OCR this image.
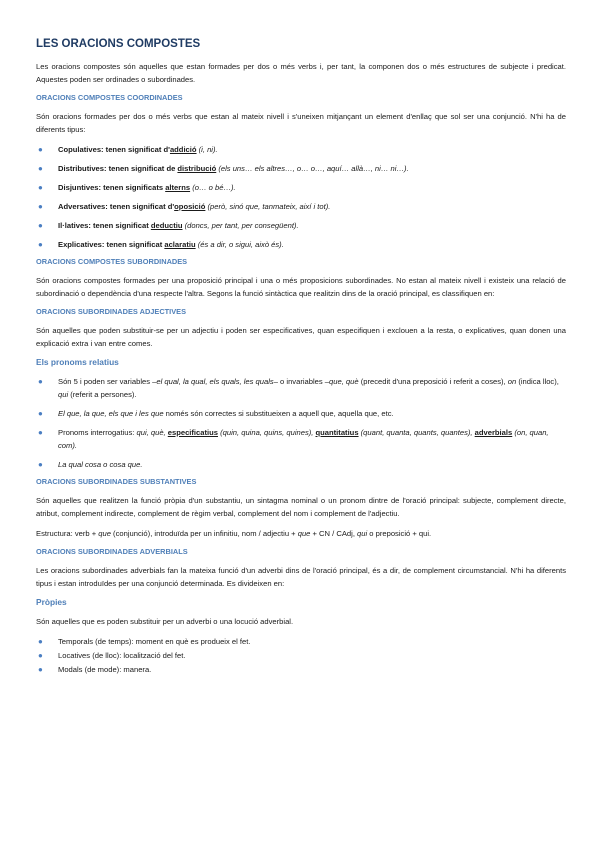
LES ORACIONS COMPOSTES

Les oracions compostes són aquelles que estan formades per dos o més verbs i, per tant, la componen dos o més estructures de subjecte i predicat. Aquestes poden ser ordinades o subordinades.

ORACIONS COMPOSTES COORDINADES

Són oracions formades per dos o més verbs que estan al mateix nivell i s'uneixen mitjançant un element d'enllaç que sol ser una conjunció. N'hi ha de diferents tipus:

● Copulatives: tenen significat d'addició (i, ni).
● Distributives: tenen significat de distribució (els uns… els altres…, o… o…, aquí… allà…, ni… ni…).
● Disjuntives: tenen significats alterns (o… o bé…).
● Adversatives: tenen significat d'oposició (però, sinó que, tanmateix, així i tot).
● Il·latives: tenen significat deductiu (doncs, per tant, per consegüent).
● Explicatives: tenen significat aclaratiu (és a dir, o sigui, això és).
ORACIONS COMPOSTES SUBORDINADES

Són oracions compostes formades per una proposició principal i una o més proposicions subordinades. No estan al mateix nivell i existeix una relació de subordinació o dependència d'una respecte l'altra. Segons la funció sintàctica que realitzin dins de la oració principal, es classifiquen en:

ORACIONS SUBORDINADES ADJECTIVES

Són aquelles que poden substituir-se per un adjectiu i poden ser especificatives, quan especifiquen i exclouen a la resta, o explicatives, quan donen una explicació extra i van entre comes.

Els pronoms relatius
● Són 5 i poden ser variables –el qual, la qual, els quals, les quals– o invariables –que, què (precedit d'una preposició i referit a coses), on (indica lloc), qui (referit a persones).
● El que, la que, els que i les que només són correctes si substitueixen a aquell que, aquella que, etc.
● Pronoms interrogatius: qui, què, especificatius (quin, quina, quins, quines), quantitatius (quant, quanta, quants, quantes), adverbials (on, quan, com).
● La qual cosa o cosa que.
ORACIONS SUBORDINADES SUBSTANTIVES

Són aquelles que realitzen la funció pròpia d'un substantiu, un sintagma nominal o un pronom dintre de l'oració principal: subjecte, complement directe, atribut, complement indirecte, complement de règim verbal, complement del nom i complement de l'adjectiu.

Estructura: verb + que (conjunció), introduïda per un infinitiu, nom / adjectiu + que + CN / CAdj, qui o preposició + qui.

ORACIONS SUBORDINADES ADVERBIALS

Les oracions subordinades adverbials fan la mateixa funció d'un adverbi dins de l'oració principal, és a dir, de complement circumstancial. N'hi ha diferents tipus i estan introduïdes per una conjunció determinada. Es divideixen en:

Pròpies

Són aquelles que es poden substituir per un adverbi o una locució adverbial.

● Temporals (de temps): moment en què es produeix el fet.
● Locatives (de lloc): localització del fet.
● Modals (de mode): manera.
